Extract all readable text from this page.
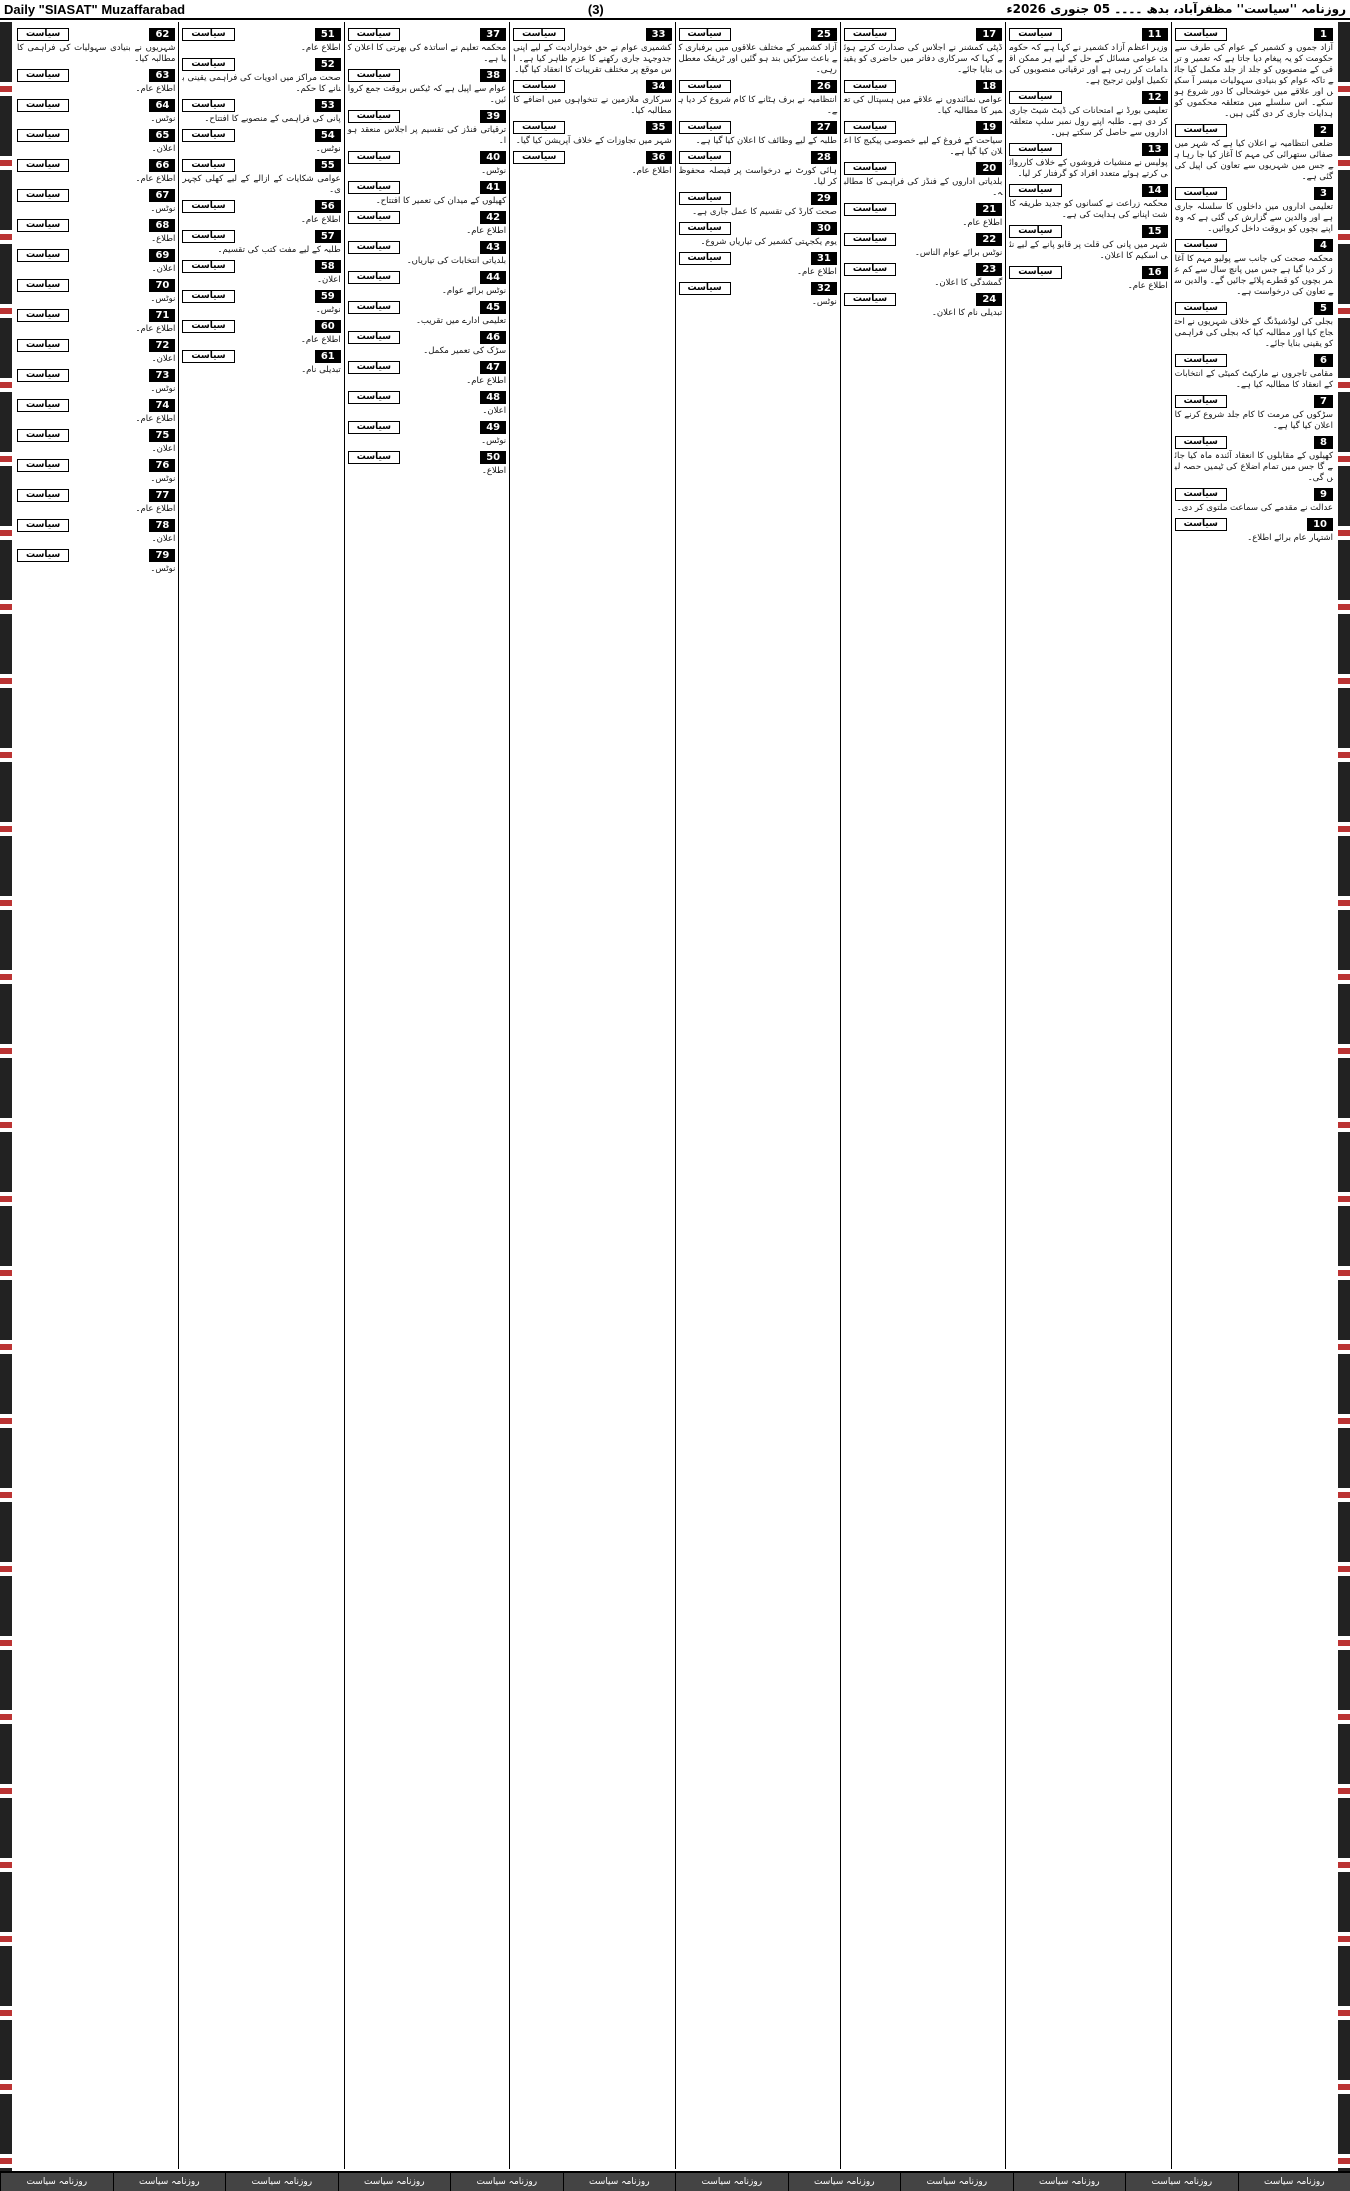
Daily "SIASAT" Muzaffarabad	(3)	روزنامہ ''سیاست'' مظفرآباد، بدھ ۔۔۔۔ 05 جنوری 2026ء
1
سیاست
آزاد جموں و کشمیر کے عوام کی طرف سے حکومت کو یہ پیغام دیا جاتا ہے کہ تعمیر و ترقی کے منصوبوں کو جلد از جلد مکمل کیا جائے تاکہ عوام کو بنیادی سہولیات میسر آ سکیں اور علاقے میں خوشحالی کا دور شروع ہو سکے۔ اس سلسلے میں متعلقہ محکموں کو ہدایات جاری کر دی گئی ہیں۔
2
سیاست
ضلعی انتظامیہ نے اعلان کیا ہے کہ شہر میں صفائی ستھرائی کی مہم کا آغاز کیا جا رہا ہے جس میں شہریوں سے تعاون کی اپیل کی گئی ہے۔
3
سیاست
تعلیمی اداروں میں داخلوں کا سلسلہ جاری ہے اور والدین سے گزارش کی گئی ہے کہ وہ اپنے بچوں کو بروقت داخل کروائیں۔
4
سیاست
محکمہ صحت کی جانب سے پولیو مہم کا آغاز کر دیا گیا ہے جس میں پانچ سال سے کم عمر بچوں کو قطرے پلائے جائیں گے۔ والدین سے تعاون کی درخواست ہے۔
5
سیاست
بجلی کی لوڈشیڈنگ کے خلاف شہریوں نے احتجاج کیا اور مطالبہ کیا کہ بجلی کی فراہمی کو یقینی بنایا جائے۔
6
سیاست
مقامی تاجروں نے مارکیٹ کمیٹی کے انتخابات کے انعقاد کا مطالبہ کیا ہے۔
7
سیاست
سڑکوں کی مرمت کا کام جلد شروع کرنے کا اعلان کیا گیا ہے۔
8
سیاست
کھیلوں کے مقابلوں کا انعقاد آئندہ ماہ کیا جائے گا جس میں تمام اضلاع کی ٹیمیں حصہ لیں گی۔
9
سیاست
عدالت نے مقدمے کی سماعت ملتوی کر دی۔
10
سیاست
اشتہار عام برائے اطلاع۔
11
سیاست
وزیر اعظم آزاد کشمیر نے کہا ہے کہ حکومت عوامی مسائل کے حل کے لیے ہر ممکن اقدامات کر رہی ہے اور ترقیاتی منصوبوں کی تکمیل اولین ترجیح ہے۔
12
سیاست
تعلیمی بورڈ نے امتحانات کی ڈیٹ شیٹ جاری کر دی ہے۔ طلبہ اپنے رول نمبر سلپ متعلقہ اداروں سے حاصل کر سکتے ہیں۔
13
سیاست
پولیس نے منشیات فروشوں کے خلاف کارروائی کرتے ہوئے متعدد افراد کو گرفتار کر لیا۔
14
سیاست
محکمہ زراعت نے کسانوں کو جدید طریقہ کاشت اپنانے کی ہدایت کی ہے۔
15
سیاست
شہر میں پانی کی قلت پر قابو پانے کے لیے نئی اسکیم کا اعلان۔
16
سیاست
اطلاع عام۔
17
سیاست
ڈپٹی کمشنر نے اجلاس کی صدارت کرتے ہوئے کہا کہ سرکاری دفاتر میں حاضری کو یقینی بنایا جائے۔
18
سیاست
عوامی نمائندوں نے علاقے میں ہسپتال کی تعمیر کا مطالبہ کیا۔
19
سیاست
سیاحت کے فروغ کے لیے خصوصی پیکیج کا اعلان کیا گیا ہے۔
20
سیاست
بلدیاتی اداروں کے فنڈز کی فراہمی کا مطالبہ۔
21
سیاست
اطلاع عام۔
22
سیاست
نوٹس برائے عوام الناس۔
23
سیاست
گمشدگی کا اعلان۔
24
سیاست
تبدیلی نام کا اعلان۔
25
سیاست
آزاد کشمیر کے مختلف علاقوں میں برفباری کے باعث سڑکیں بند ہو گئیں اور ٹریفک معطل رہی۔
26
سیاست
انتظامیہ نے برف ہٹانے کا کام شروع کر دیا ہے۔
27
سیاست
طلبہ کے لیے وظائف کا اعلان کیا گیا ہے۔
28
سیاست
ہائی کورٹ نے درخواست پر فیصلہ محفوظ کر لیا۔
29
سیاست
صحت کارڈ کی تقسیم کا عمل جاری ہے۔
30
سیاست
یوم یکجہتی کشمیر کی تیاریاں شروع۔
31
سیاست
اطلاع عام۔
32
سیاست
نوٹس۔
33
سیاست
کشمیری عوام نے حق خودارادیت کے لیے اپنی جدوجہد جاری رکھنے کا عزم ظاہر کیا ہے۔ اس موقع پر مختلف تقریبات کا انعقاد کیا گیا۔
34
سیاست
سرکاری ملازمین نے تنخواہوں میں اضافے کا مطالبہ کیا۔
35
سیاست
شہر میں تجاوزات کے خلاف آپریشن کیا گیا۔
36
سیاست
اطلاع عام۔
37
سیاست
محکمہ تعلیم نے اساتذہ کی بھرتی کا اعلان کیا ہے۔
38
سیاست
عوام سے اپیل ہے کہ ٹیکس بروقت جمع کروائیں۔
39
سیاست
ترقیاتی فنڈز کی تقسیم پر اجلاس منعقد ہوا۔
40
سیاست
نوٹس۔
41
سیاست
کھیلوں کے میدان کی تعمیر کا افتتاح۔
42
سیاست
اطلاع عام۔
43
سیاست
بلدیاتی انتخابات کی تیاریاں۔
44
سیاست
نوٹس برائے عوام۔
45
سیاست
تعلیمی ادارے میں تقریب۔
46
سیاست
سڑک کی تعمیر مکمل۔
47
سیاست
اطلاع عام۔
48
سیاست
اعلان۔
49
سیاست
نوٹس۔
50
سیاست
اطلاع۔
51
سیاست
اطلاع عام۔
52
سیاست
صحت مراکز میں ادویات کی فراہمی یقینی بنانے کا حکم۔
53
سیاست
پانی کی فراہمی کے منصوبے کا افتتاح۔
54
سیاست
نوٹس۔
55
سیاست
عوامی شکایات کے ازالے کے لیے کھلی کچہری۔
56
سیاست
اطلاع عام۔
57
سیاست
طلبہ کے لیے مفت کتب کی تقسیم۔
58
سیاست
اعلان۔
59
سیاست
نوٹس۔
60
سیاست
اطلاع عام۔
61
سیاست
تبدیلی نام۔
62
سیاست
شہریوں نے بنیادی سہولیات کی فراہمی کا مطالبہ کیا۔
63
سیاست
اطلاع عام۔
64
سیاست
نوٹس۔
65
سیاست
اعلان۔
66
سیاست
اطلاع عام۔
67
سیاست
نوٹس۔
68
سیاست
اطلاع۔
69
سیاست
اعلان۔
70
سیاست
نوٹس۔
71
سیاست
اطلاع عام۔
72
سیاست
اعلان۔
73
سیاست
نوٹس۔
74
سیاست
اطلاع عام۔
75
سیاست
اعلان۔
76
سیاست
نوٹس۔
77
سیاست
اطلاع عام۔
78
سیاست
اعلان۔
79
سیاست
نوٹس۔
روزنامہ سیاست	روزنامہ سیاست	روزنامہ سیاست	روزنامہ سیاست	روزنامہ سیاست	روزنامہ سیاست	روزنامہ سیاست	روزنامہ سیاست	روزنامہ سیاست	روزنامہ سیاست	روزنامہ سیاست	روزنامہ سیاست
